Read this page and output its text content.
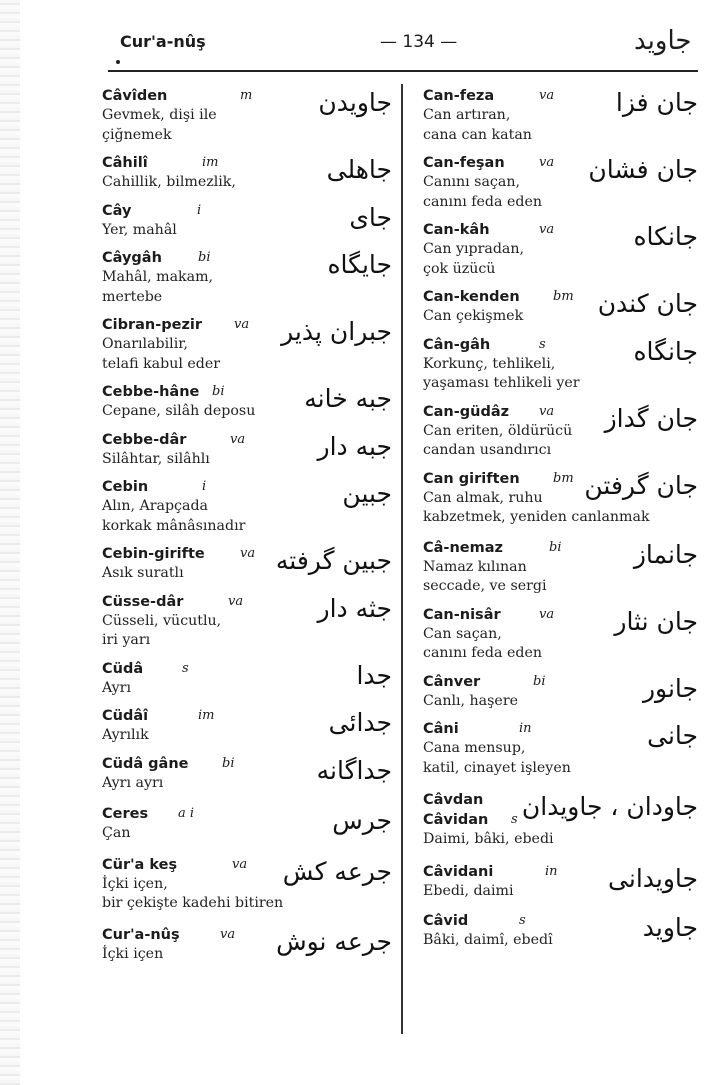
Cur'a-nûş	— 134 —	جاوید
Câvîden	m
Gevmek, dişi ile
çiğnemek
جاویدن
Câhilî	im
Cahillik, bilmezlik,	جاهلی
Cây	i
Yer, mahâl	جای
Câygâh	bi
Mahâl, makam,
mertebe
جایگاه
Cibran-pezir	va
Onarılabilir,
telafi kabul eder
جبران پذیر
Cebbe-hâne bi
Cepane, silâh deposu	جبه خانه
Cebbe-dâr	va
Silâhtar, silâhlı	جبه دار
Cebin	i
Alın, Arapçada
korkak mânâsınadır
جبین
Cebin-girifte	va
Asık suratlı	جبین گرفته
Cüsse-dâr	va
Cüsseli, vücutlu,
iri yarı
جثه دار
Cüdâ	s
Ayrı	جدا
Cüdâî	im
Ayrılık	جدائی
Cüdâ gâne	bi
Ayrı ayrı	جداگانه
Ceres	a i
Çan	جرس
Cür'a keş	va
İçki içen,
bir çekişte kadehi bitiren
جرعه کش
Cur'a-nûş	va
İçki içen	جرعه نوش
Can-feza	va
Can artıran,
cana can katan
جان فزا
Can-feşan	va
Canını saçan,
canını feda eden
جان فشان
Can-kâh	va
Can yıpradan,
çok üzücü
جانکاه
Can-kenden	bm
Can çekişmek	جان کندن
Cân-gâh	s
Korkunç, tehlikeli,
yaşaması tehlikeli yer
جانگاه
Can-güdâz	va
Can eriten, öldürücü
candan usandırıcı
جان گداز
Can giriften	bm
Can almak, ruhu
kabzetmek, yeniden canlanmak
جان گرفتن
Câ-nemaz	bi
Namaz kılınan
seccade, ve sergi
جانماز
Can-nisâr	va
Can saçan,
canını feda eden
جان نثار
Cânver	bi
Canlı, haşere	جانور
Câni	in
Cana mensup,
katil, cinayet işleyen
جانی
Câvdan
Câvidan	s
Daimi, bâki, ebedi
جاودان ، جاویدان
Câvidani	in
Ebedi, daimi	جاویدانی
Câvid	s
Bâki, daimî, ebedî	جاوید
